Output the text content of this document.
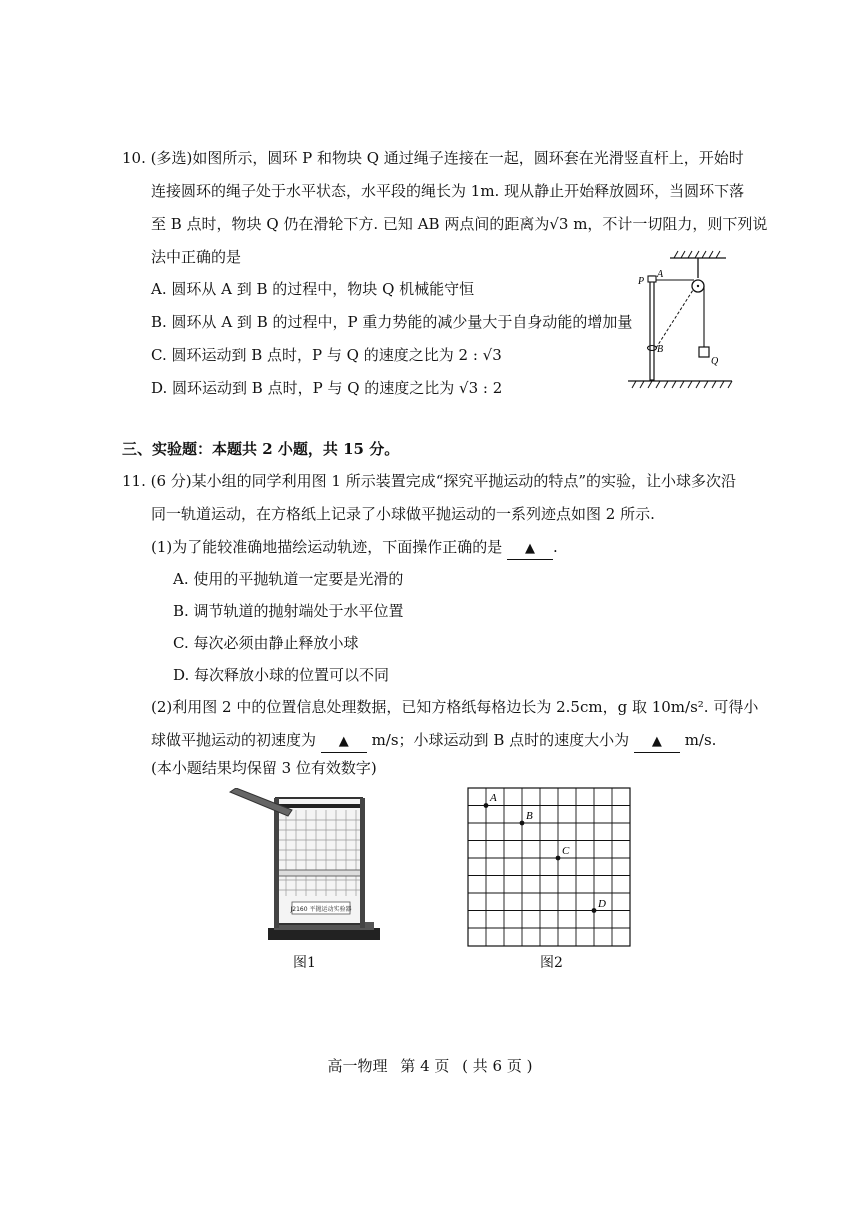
10. (多选)如图所示，圆环 P 和物块 Q 通过绳子连接在一起，圆环套在光滑竖直杆上，开始时
连接圆环的绳子处于水平状态，水平段的绳长为 1m. 现从静止开始释放圆环，当圆环下落
至 B 点时，物块 Q 仍在滑轮下方. 已知 AB 两点间的距离为√3 m，不计一切阻力，则下列说
法中正确的是
A. 圆环从 A 到 B 的过程中，物块 Q 机械能守恒
B. 圆环从 A 到 B 的过程中，P 重力势能的减少量大于自身动能的增加量
C. 圆环运动到 B 点时，P 与 Q 的速度之比为 2 : √3
D. 圆环运动到 B 点时，P 与 Q 的速度之比为 √3 : 2
P
A
B
Q
三、实验题：本题共 2 小题，共 15 分。
11. (6 分)某小组的同学利用图 1 所示装置完成“探究平抛运动的特点”的实验，让小球多次沿
同一轨道运动，在方格纸上记录了小球做平抛运动的一系列迹点如图 2 所示.
(1)为了能较准确地描绘运动轨迹，下面操作正确的是 ▲ .
A. 使用的平抛轨道一定要是光滑的
B. 调节轨道的抛射端处于水平位置
C. 每次必须由静止释放小球
D. 每次释放小球的位置可以不同
(2)利用图 2 中的位置信息处理数据，已知方格纸每格边长为 2.5cm，g 取 10m/s². 可得小
球做平抛运动的初速度为 ▲ m/s；小球运动到 B 点时的速度大小为 ▲ m/s.
(本小题结果均保留 3 位有效数字)
J2160 平抛运动实验器
图1
A
B
C
D
图2
高一物理 第 4 页 ( 共 6 页 )
